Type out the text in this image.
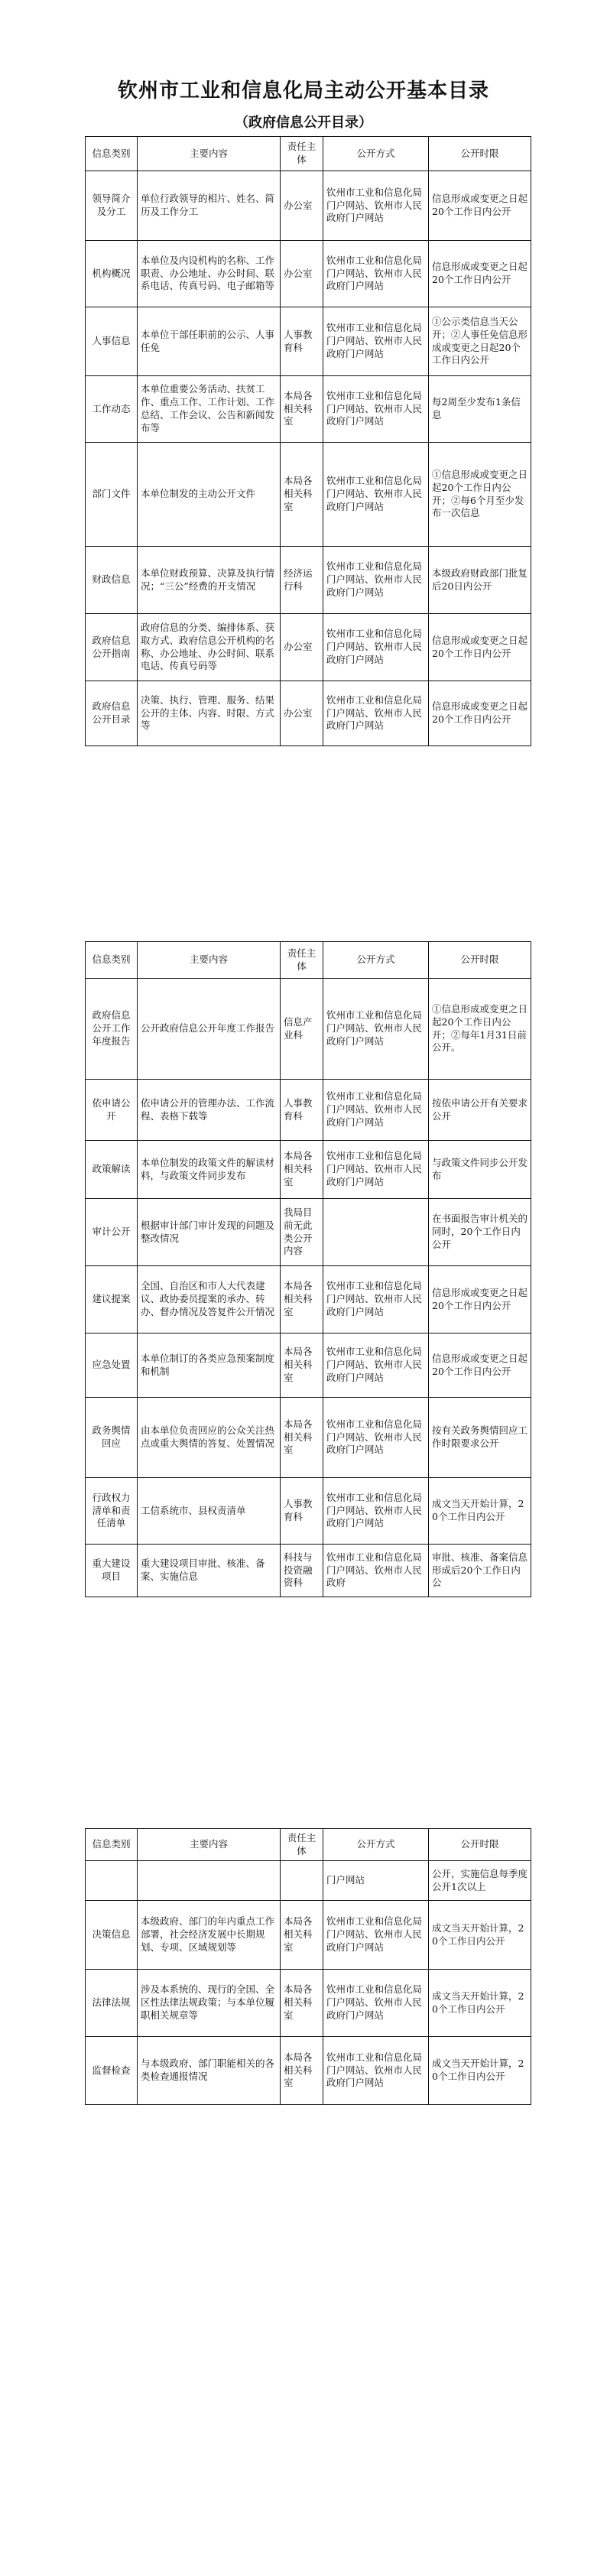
钦州市工业和信息化局主动公开基本目录
（政府信息公开目录）
信息类别	主要内容	责任主体	公开方式	公开时限
领导简介及分工	单位行政领导的相片、姓名、简历及工作分工	办公室	钦州市工业和信息化局门户网站、钦州市人民政府门户网站	信息形成或变更之日起20个工作日内公开
机构概况	本单位及内设机构的名称、工作职责、办公地址、办公时间、联系电话、传真号码、电子邮箱等	办公室	钦州市工业和信息化局门户网站、钦州市人民政府门户网站	信息形成或变更之日起20个工作日内公开
人事信息	本单位干部任职前的公示、人事任免	人事教育科	钦州市工业和信息化局门户网站、钦州市人民政府门户网站	①公示类信息当天公开；②人事任免信息形成或变更之日起20个工作日内公开
工作动态	本单位重要公务活动、扶贫工作、重点工作、工作计划、工作总结、工作会议、公告和新闻发布等	本局各相关科室	钦州市工业和信息化局门户网站、钦州市人民政府门户网站	每2周至少发布1条信息
部门文件	本单位制发的主动公开文件	本局各相关科室	钦州市工业和信息化局门户网站、钦州市人民政府门户网站	①信息形成或变更之日起20个工作日内公开；②每6个月至少发布一次信息
财政信息	本单位财政预算、决算及执行情况；“三公”经费的开支情况	经济运行科	钦州市工业和信息化局门户网站、钦州市人民政府门户网站	本级政府财政部门批复后20日内公开
政府信息公开指南	政府信息的分类、编排体系、获取方式、政府信息公开机构的名称、办公地址、办公时间、联系电话、传真号码等	办公室	钦州市工业和信息化局门户网站、钦州市人民政府门户网站	信息形成或变更之日起20个工作日内公开
政府信息公开目录	决策、执行、管理、服务、结果公开的主体、内容、时限、方式等	办公室	钦州市工业和信息化局门户网站、钦州市人民政府门户网站	信息形成或变更之日起20个工作日内公开
信息类别	主要内容	责任主体	公开方式	公开时限
政府信息公开工作年度报告	公开政府信息公开年度工作报告	信息产业科	钦州市工业和信息化局门户网站、钦州市人民政府门户网站	①信息形成或变更之日起20个工作日内公开；②每年1月31日前公开。
依申请公开	依申请公开的管理办法、工作流程、表格下载等	人事教育科	钦州市工业和信息化局门户网站、钦州市人民政府门户网站	按依申请公开有关要求公开
政策解读	本单位制发的政策文件的解读材料，与政策文件同步发布	本局各相关科室	钦州市工业和信息化局门户网站、钦州市人民政府门户网站	与政策文件同步公开发布
审计公开	根据审计部门审计发现的问题及整改情况	我局目前无此类公开内容		在书面报告审计机关的同时，20个工作日内公开
建议提案	全国、自治区和市人大代表建议、政协委员提案的承办、转办、督办情况及答复件公开情况	本局各相关科室	钦州市工业和信息化局门户网站、钦州市人民政府门户网站	信息形成或变更之日起20个工作日内公开
应急处置	本单位制订的各类应急预案制度和机制	本局各相关科室	钦州市工业和信息化局门户网站、钦州市人民政府门户网站	信息形成或变更之日起20个工作日内公开
政务舆情回应	由本单位负责回应的公众关注热点或重大舆情的答复、处置情况	本局各相关科室	钦州市工业和信息化局门户网站、钦州市人民政府门户网站	按有关政务舆情回应工作时限要求公开
行政权力清单和责任清单	工信系统市、县权责清单	人事教育科	钦州市工业和信息化局门户网站、钦州市人民政府门户网站	成文当天开始计算，20个工作日内公开
重大建设项目	重大建设项目审批、核准、备案、实施信息	科技与投资融资科	钦州市工业和信息化局门户网站、钦州市人民政府	审批、核准、备案信息形成后20个工作日内公
信息类别	主要内容	责任主体	公开方式	公开时限
			门户网站	公开，实施信息每季度公开1次以上
决策信息	本级政府、部门的年内重点工作部署，社会经济发展中长期规划、专项、区域规划等	本局各相关科室	钦州市工业和信息化局门户网站、钦州市人民政府门户网站	成文当天开始计算，20个工作日内公开
法律法规	涉及本系统的、现行的全国、全区性法律法规政策；与本单位履职相关规章等	本局各相关科室	钦州市工业和信息化局门户网站、钦州市人民政府门户网站	成文当天开始计算，20个工作日内公开
监督检查	与本级政府、部门职能相关的各类检查通报情况	本局各相关科室	钦州市工业和信息化局门户网站、钦州市人民政府门户网站	成文当天开始计算，20个工作日内公开
